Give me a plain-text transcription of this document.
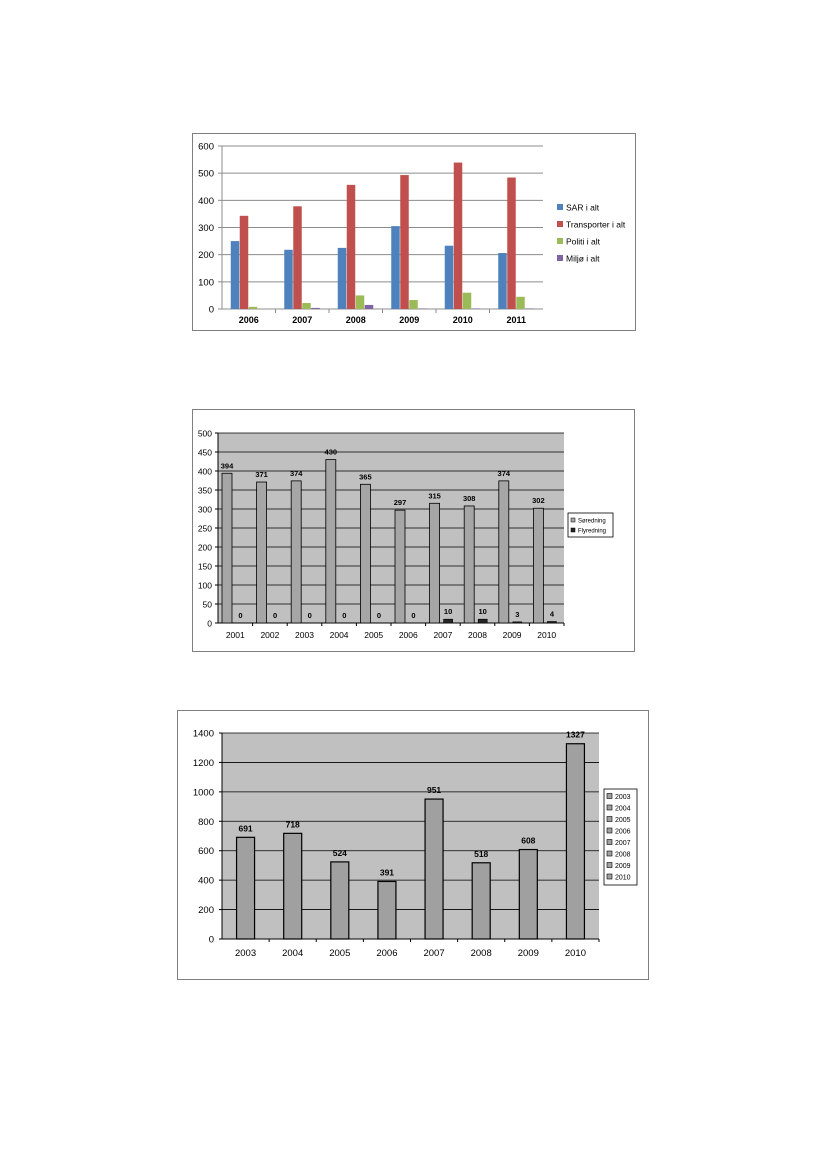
0
100
200
300
400
500
600
2006	2007	2008	2009	2010	2011
SAR i alt
Transporter i alt
Politi i alt
Miljø i alt
0
50
100
150
200
250
300
350
400
450
500
394
0
2001
371
0
2002
374
0
2003
430
0
2004
365
0
2005
297
0
2006
315
10
2007
308
10
2008
374
3
2009
302
4
2010
Søredning
Flyredning
0
200
400
600
800
1000
1200
1400
691
2003
718
2004
524
2005
391
2006
951
2007
518
2008
608
2009
1327
2010
2003
2004
2005
2006
2007
2008
2009
2010
